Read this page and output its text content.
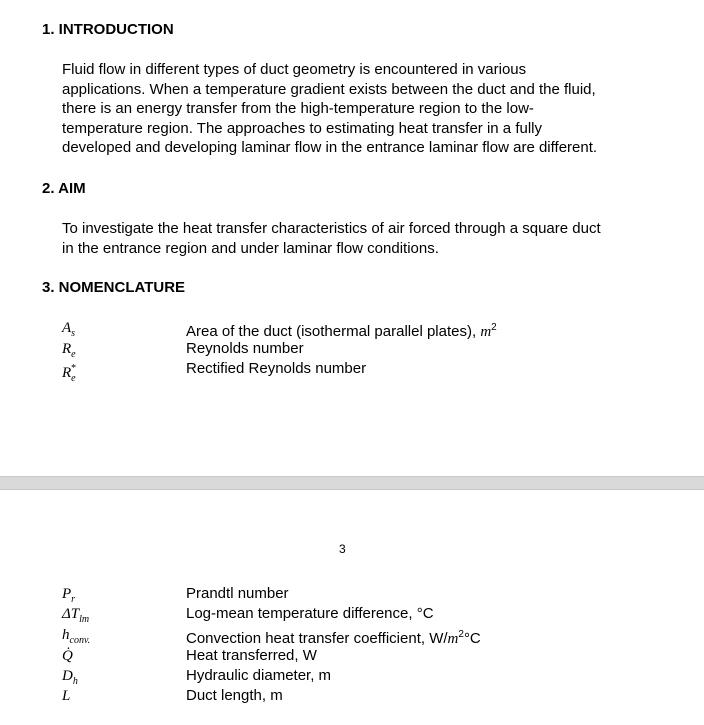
1. INTRODUCTION
Fluid flow in different types of duct geometry is encountered in various
applications. When a temperature gradient exists between the duct and the fluid,
there is an energy transfer from the high-temperature region to the low-
temperature region. The approaches to estimating heat transfer in a fully
developed and developing laminar flow in the entrance laminar flow are different.
2. AIM
To investigate the heat transfer characteristics of air forced through a square duct
in the entrance region and under laminar flow conditions.
3. NOMENCLATURE
$A_s$	Area of the duct (isothermal parallel plates), $m^2$
$R_e$	Reynolds number
$R_e^*$	Rectified Reynolds number
3
$P_r$	Prandtl number
$\Delta T_{lm}$	Log-mean temperature difference, °C
$h_{conv.}$	Convection heat transfer coefficient, $W/m^2^\circ C$
Q̇	Heat transferred, W
$D_h$	Hydraulic diameter, m
L	Duct length, m
